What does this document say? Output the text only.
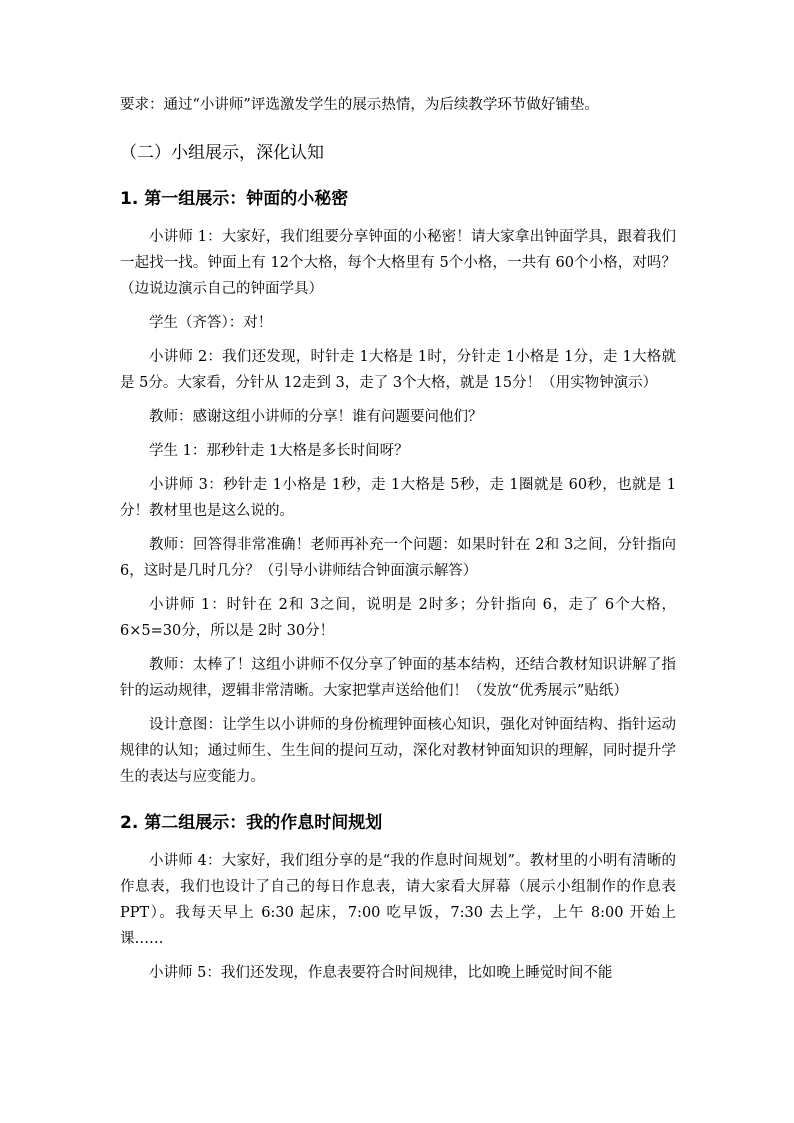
要求：通过“小讲师”评选激发学生的展示热情，为后续教学环节做好铺垫。

（二）小组展示，深化认知
1. 第一组展示：钟面的小秘密

小讲师 1：大家好，我们组要分享钟面的小秘密！请大家拿出钟面学具，跟着我们一起找一找。钟面上有 12个大格，每个大格里有 5个小格，一共有 60个小格，对吗？（边说边演示自己的钟面学具）

学生（齐答）：对！

小讲师 2：我们还发现，时针走 1大格是 1时，分针走 1小格是 1分，走 1大格就是 5分。大家看，分针从 12走到 3，走了 3个大格，就是 15分！（用实物钟演示）

教师：感谢这组小讲师的分享！谁有问题要问他们？

学生 1：那秒针走 1大格是多长时间呀？

小讲师 3：秒针走 1小格是 1秒，走 1大格是 5秒，走 1圈就是 60秒，也就是 1分！教材里也是这么说的。

教师：回答得非常准确！老师再补充一个问题：如果时针在 2和 3之间，分针指向 6，这时是几时几分？（引导小讲师结合钟面演示解答）

小讲师 1：时针在 2和 3之间，说明是 2时多；分针指向 6，走了 6个大格，6×5=30分，所以是 2时 30分！

教师：太棒了！这组小讲师不仅分享了钟面的基本结构，还结合教材知识讲解了指针的运动规律，逻辑非常清晰。大家把掌声送给他们！（发放“优秀展示”贴纸）

设计意图：让学生以小讲师的身份梳理钟面核心知识，强化对钟面结构、指针运动规律的认知；通过师生、生生间的提问互动，深化对教材钟面知识的理解，同时提升学生的表达与应变能力。

2. 第二组展示：我的作息时间规划

小讲师 4：大家好，我们组分享的是“我的作息时间规划”。教材里的小明有清晰的作息表，我们也设计了自己的每日作息表，请大家看大屏幕（展示小组制作的作息表 PPT）。我每天早上 6:30 起床，7:00 吃早饭，7:30 去上学，上午 8:00 开始上课……

小讲师 5：我们还发现，作息表要符合时间规律，比如晚上睡觉时间不能
